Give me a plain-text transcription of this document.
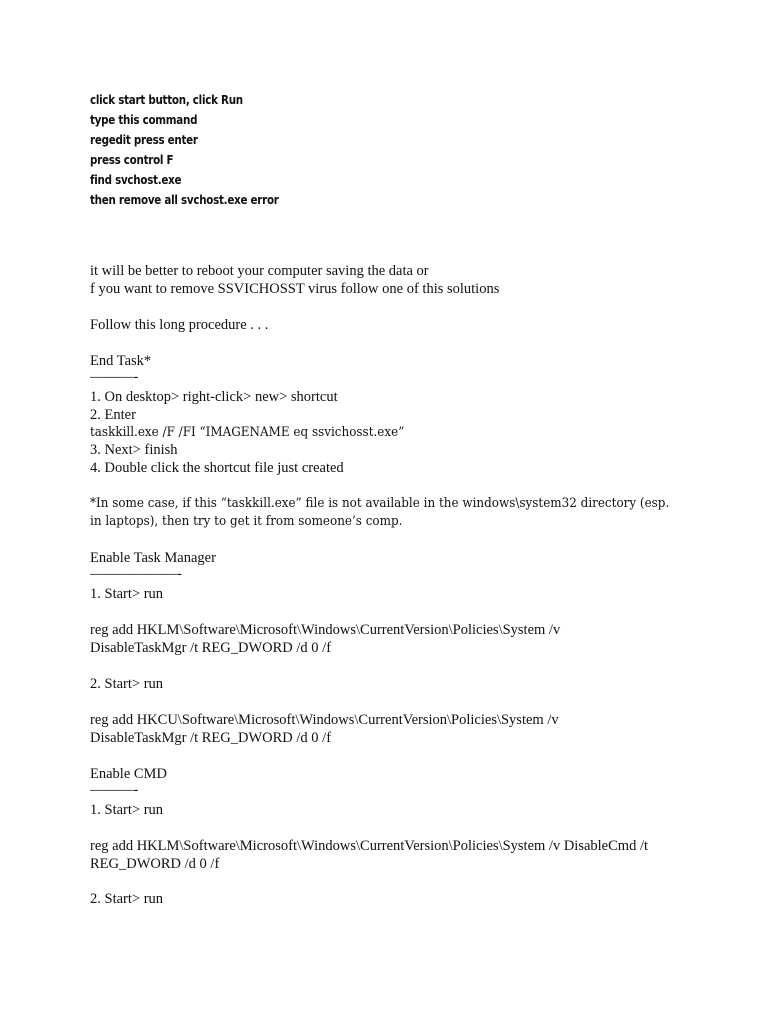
click start button, click Run
type this command
regedit press enter
press control F
find svchost.exe
then remove all svchost.exe error
it will be better to reboot your computer saving the data or
f you want to remove SSVICHOSST virus follow one of this solutions
Follow this long procedure . . .
End Task*
———-
1. On desktop> right-click> new> shortcut
2. Enter
taskkill.exe /F /FI “IMAGENAME eq ssvichosst.exe”
3. Next> finish
4. Double click the shortcut file just created
*In some case, if this “taskkill.exe” file is not available in the windows\system32 directory (esp.
in laptops), then try to get it from someone’s comp.
Enable Task Manager
——————-
1. Start> run
reg add HKLM\Software\Microsoft\Windows\CurrentVersion\Policies\System /v
DisableTaskMgr /t REG_DWORD /d 0 /f
2. Start> run
reg add HKCU\Software\Microsoft\Windows\CurrentVersion\Policies\System /v
DisableTaskMgr /t REG_DWORD /d 0 /f
Enable CMD
———-
1. Start> run
reg add HKLM\Software\Microsoft\Windows\CurrentVersion\Policies\System /v DisableCmd /t
REG_DWORD /d 0 /f
2. Start> run
